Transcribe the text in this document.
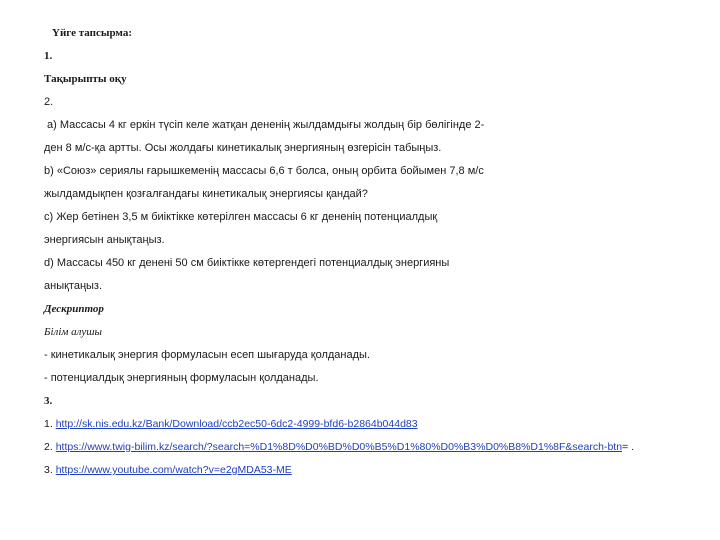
Үйге тапсырма:
1.
Тақырыпты оқу
2.
а) Массасы 4 кг еркін түсіп келе жатқан дененің жылдамдығы жолдың бір бөлігінде 2-
ден 8 м/с-қа артты. Осы жолдағы кинетикалық энергияның өзгерісін табыңыз.
b) «Союз» сериялы ғарышкеменің массасы 6,6 т болса, оның орбита бойымен 7,8 м/с
жылдамдықпен қозғалғандағы кинетикалық энергиясы қандай?
c) Жер бетінен 3,5 м биіктікке көтерілген массасы 6 кг дененің потенциалдық
энергиясын анықтаңыз.
d) Массасы 450 кг денені 50 см биіктікке көтергендегі потенциалдық энергияны
анықтаңыз.
Дескриптор
Білім алушы
- кинетикалық энергия формуласын есеп шығаруда қолданады.
- потенциалдық энергияның формуласын қолданады.
3.
1. http://sk.nis.edu.kz/Bank/Download/ccb2ec50-6dc2-4999-bfd6-b2864b044d83
2. https://www.twig-bilim.kz/search/?search=%D1%8D%D0%BD%D0%B5%D1%80%D0%B3%D0%B8%D1%8F&search-btn= .
3. https://www.youtube.com/watch?v=e2gMDA53-ME
